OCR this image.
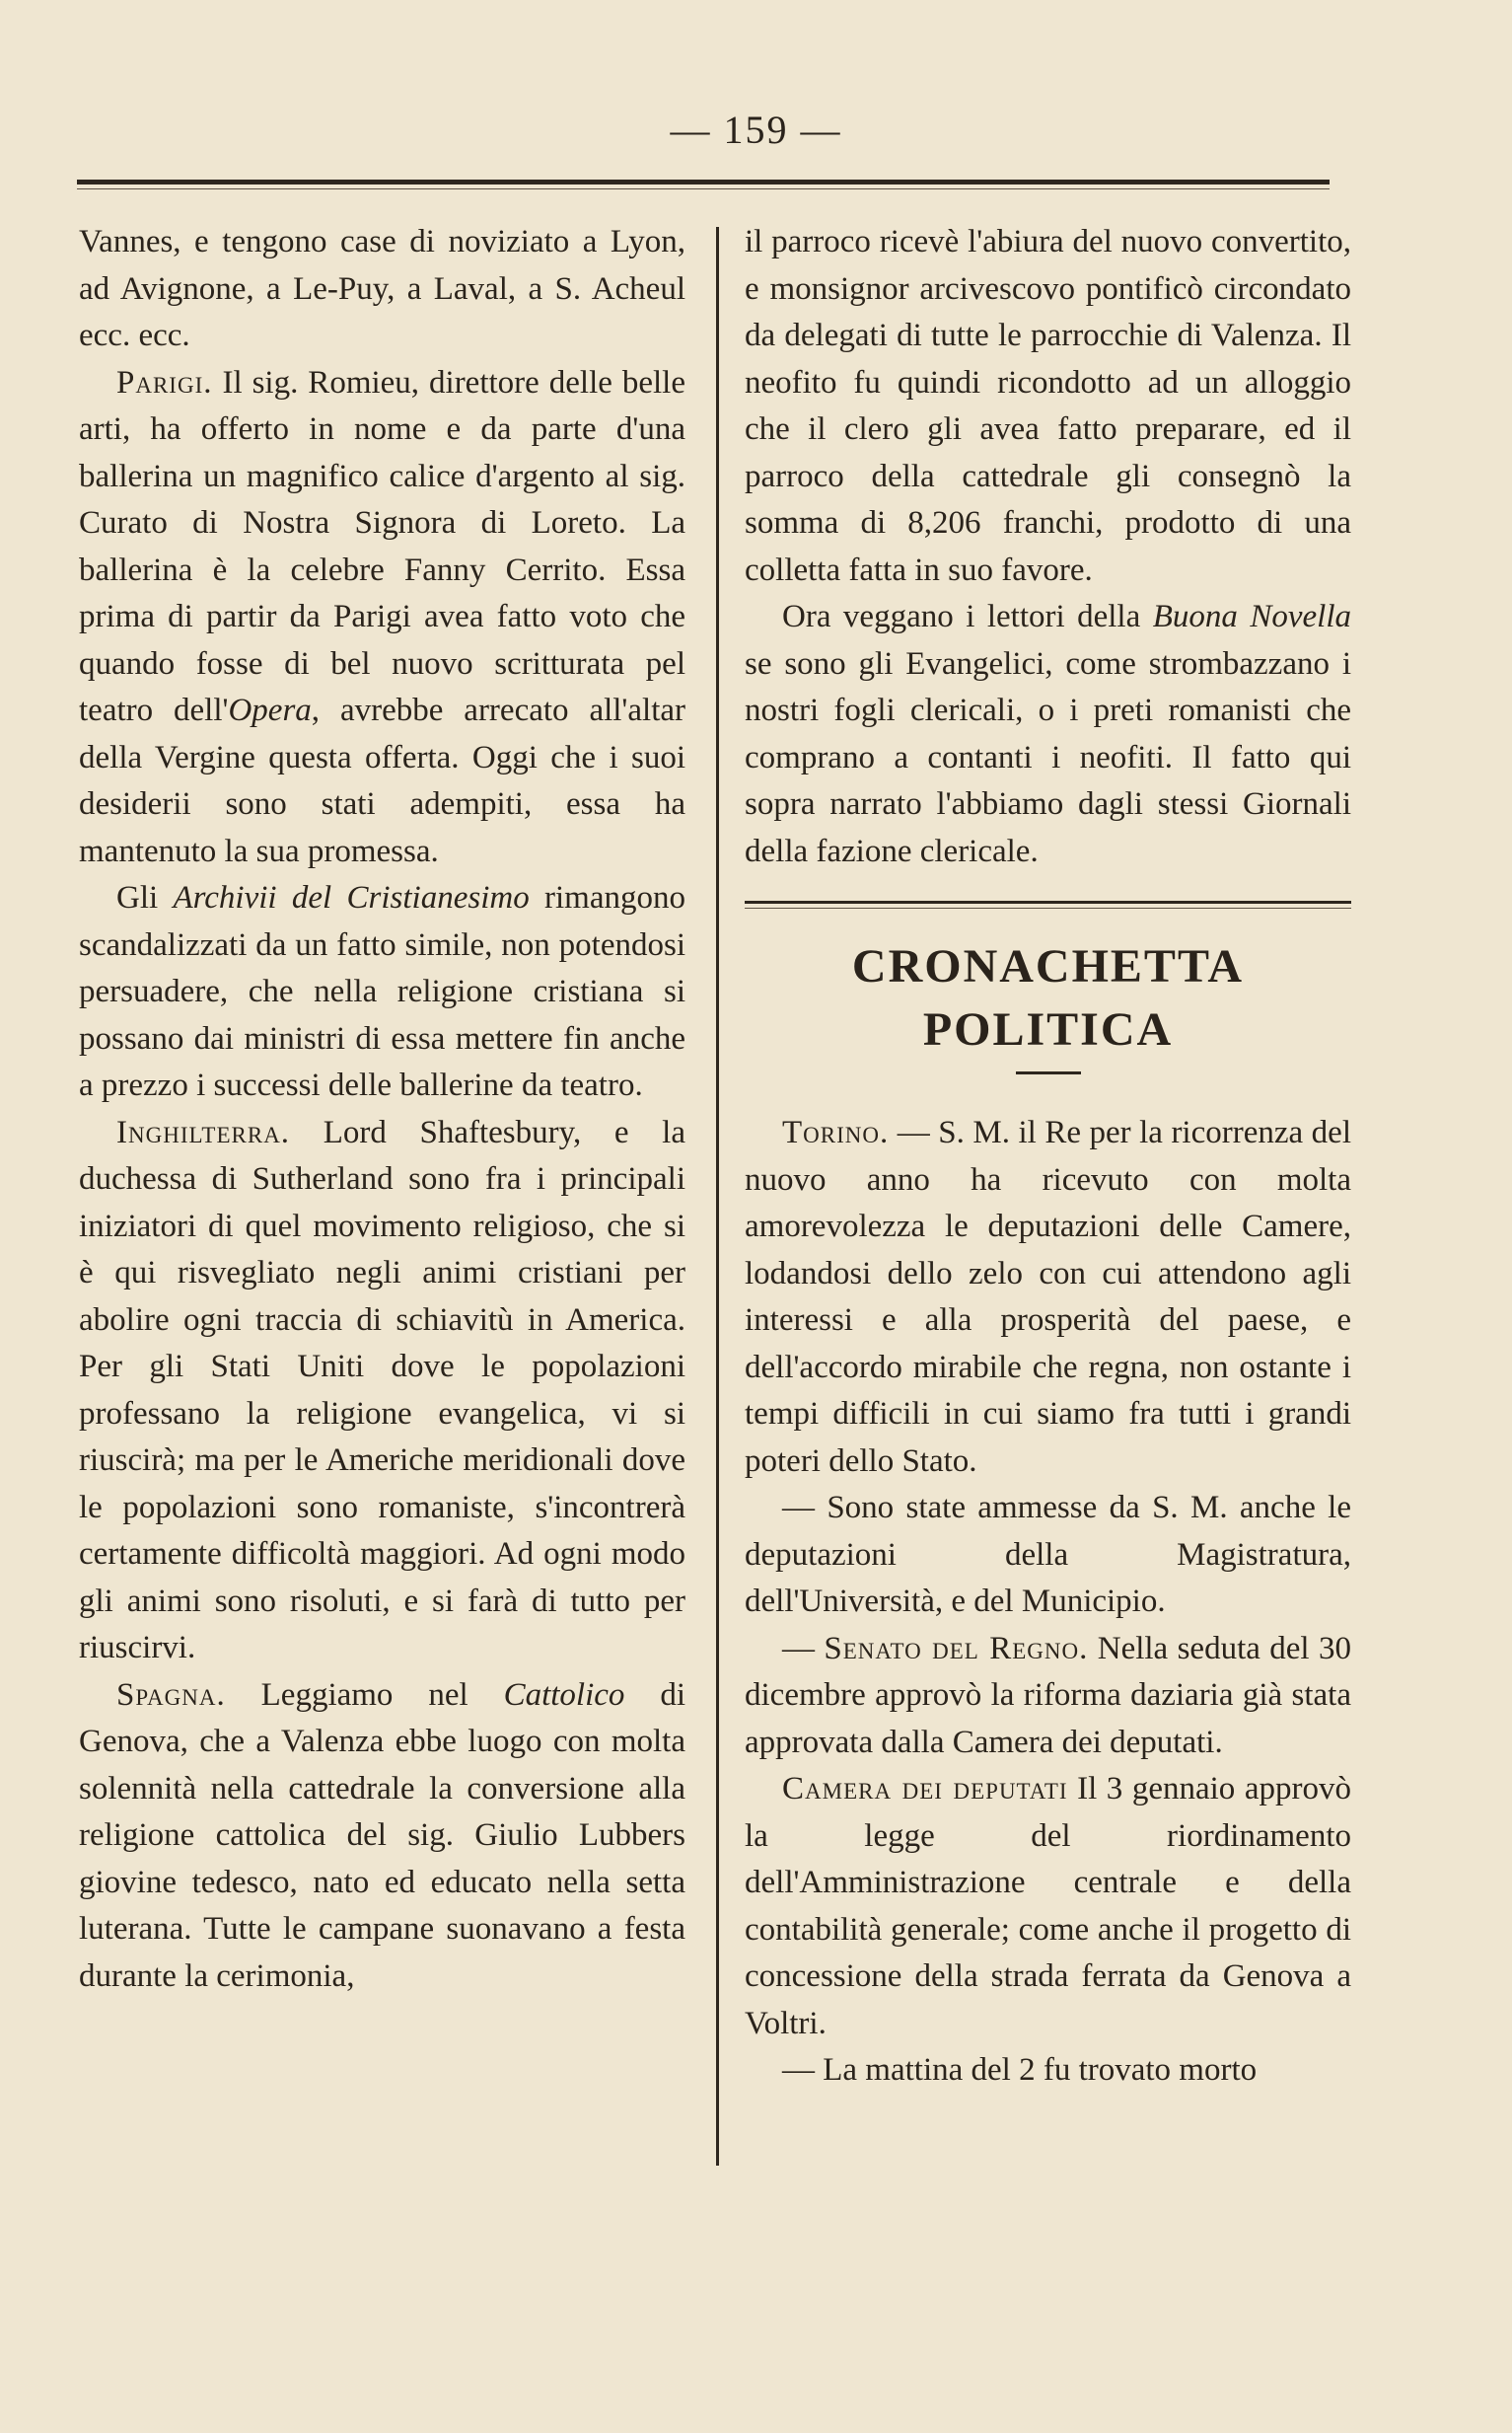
— 159 —

Vannes, e tengono case di noviziato a Lyon, ad Avignone, a Le-Puy, a Laval, a S. Acheul ecc. ecc.

Parigi. Il sig. Romieu, direttore delle belle arti, ha offerto in nome e da parte d'una ballerina un magnifico calice d'argento al sig. Curato di Nostra Signora di Loreto. La ballerina è la celebre Fanny Cerrito. Essa prima di partir da Parigi avea fatto voto che quando fosse di bel nuovo scritturata pel teatro dell'Opera, avrebbe arrecato all'altar della Vergine questa offerta. Oggi che i suoi desiderii sono stati adempiti, essa ha mantenuto la sua promessa.

Gli Archivii del Cristianesimo rimangono scandalizzati da un fatto simile, non potendosi persuadere, che nella religione cristiana si possano dai ministri di essa mettere fin anche a prezzo i successi delle ballerine da teatro.

Inghilterra. Lord Shaftesbury, e la duchessa di Sutherland sono fra i principali iniziatori di quel movimento religioso, che si è qui risvegliato negli animi cristiani per abolire ogni traccia di schiavitù in America. Per gli Stati Uniti dove le popolazioni professano la religione evangelica, vi si riuscirà; ma per le Americhe meridionali dove le popolazioni sono romaniste, s'incontrerà certamente difficoltà maggiori. Ad ogni modo gli animi sono risoluti, e si farà di tutto per riuscirvi.

Spagna. Leggiamo nel Cattolico di Genova, che a Valenza ebbe luogo con molta solennità nella cattedrale la conversione alla religione cattolica del sig. Giulio Lubbers giovine tedesco, nato ed educato nella setta luterana. Tutte le campane suonavano a festa durante la cerimonia,

il parroco ricevè l'abiura del nuovo convertito, e monsignor arcivescovo pontificò circondato da delegati di tutte le parrocchie di Valenza. Il neofito fu quindi ricondotto ad un alloggio che il clero gli avea fatto preparare, ed il parroco della cattedrale gli consegnò la somma di 8,206 franchi, prodotto di una colletta fatta in suo favore.

Ora veggano i lettori della Buona Novella se sono gli Evangelici, come strombazzano i nostri fogli clericali, o i preti romanisti che comprano a contanti i neofiti. Il fatto qui sopra narrato l'abbiamo dagli stessi Giornali della fazione clericale.

CRONACHETTA POLITICA

Torino. — S. M. il Re per la ricorrenza del nuovo anno ha ricevuto con molta amorevolezza le deputazioni delle Camere, lodandosi dello zelo con cui attendono agli interessi e alla prosperità del paese, e dell'accordo mirabile che regna, non ostante i tempi difficili in cui siamo fra tutti i grandi poteri dello Stato.

— Sono state ammesse da S. M. anche le deputazioni della Magistratura, dell'Università, e del Municipio.

— Senato del Regno. Nella seduta del 30 dicembre approvò la riforma daziaria già stata approvata dalla Camera dei deputati.

Camera dei deputati Il 3 gennaio approvò la legge del riordinamento dell'Amministrazione centrale e della contabilità generale; come anche il progetto di concessione della strada ferrata da Genova a Voltri.

— La mattina del 2 fu trovato morto
